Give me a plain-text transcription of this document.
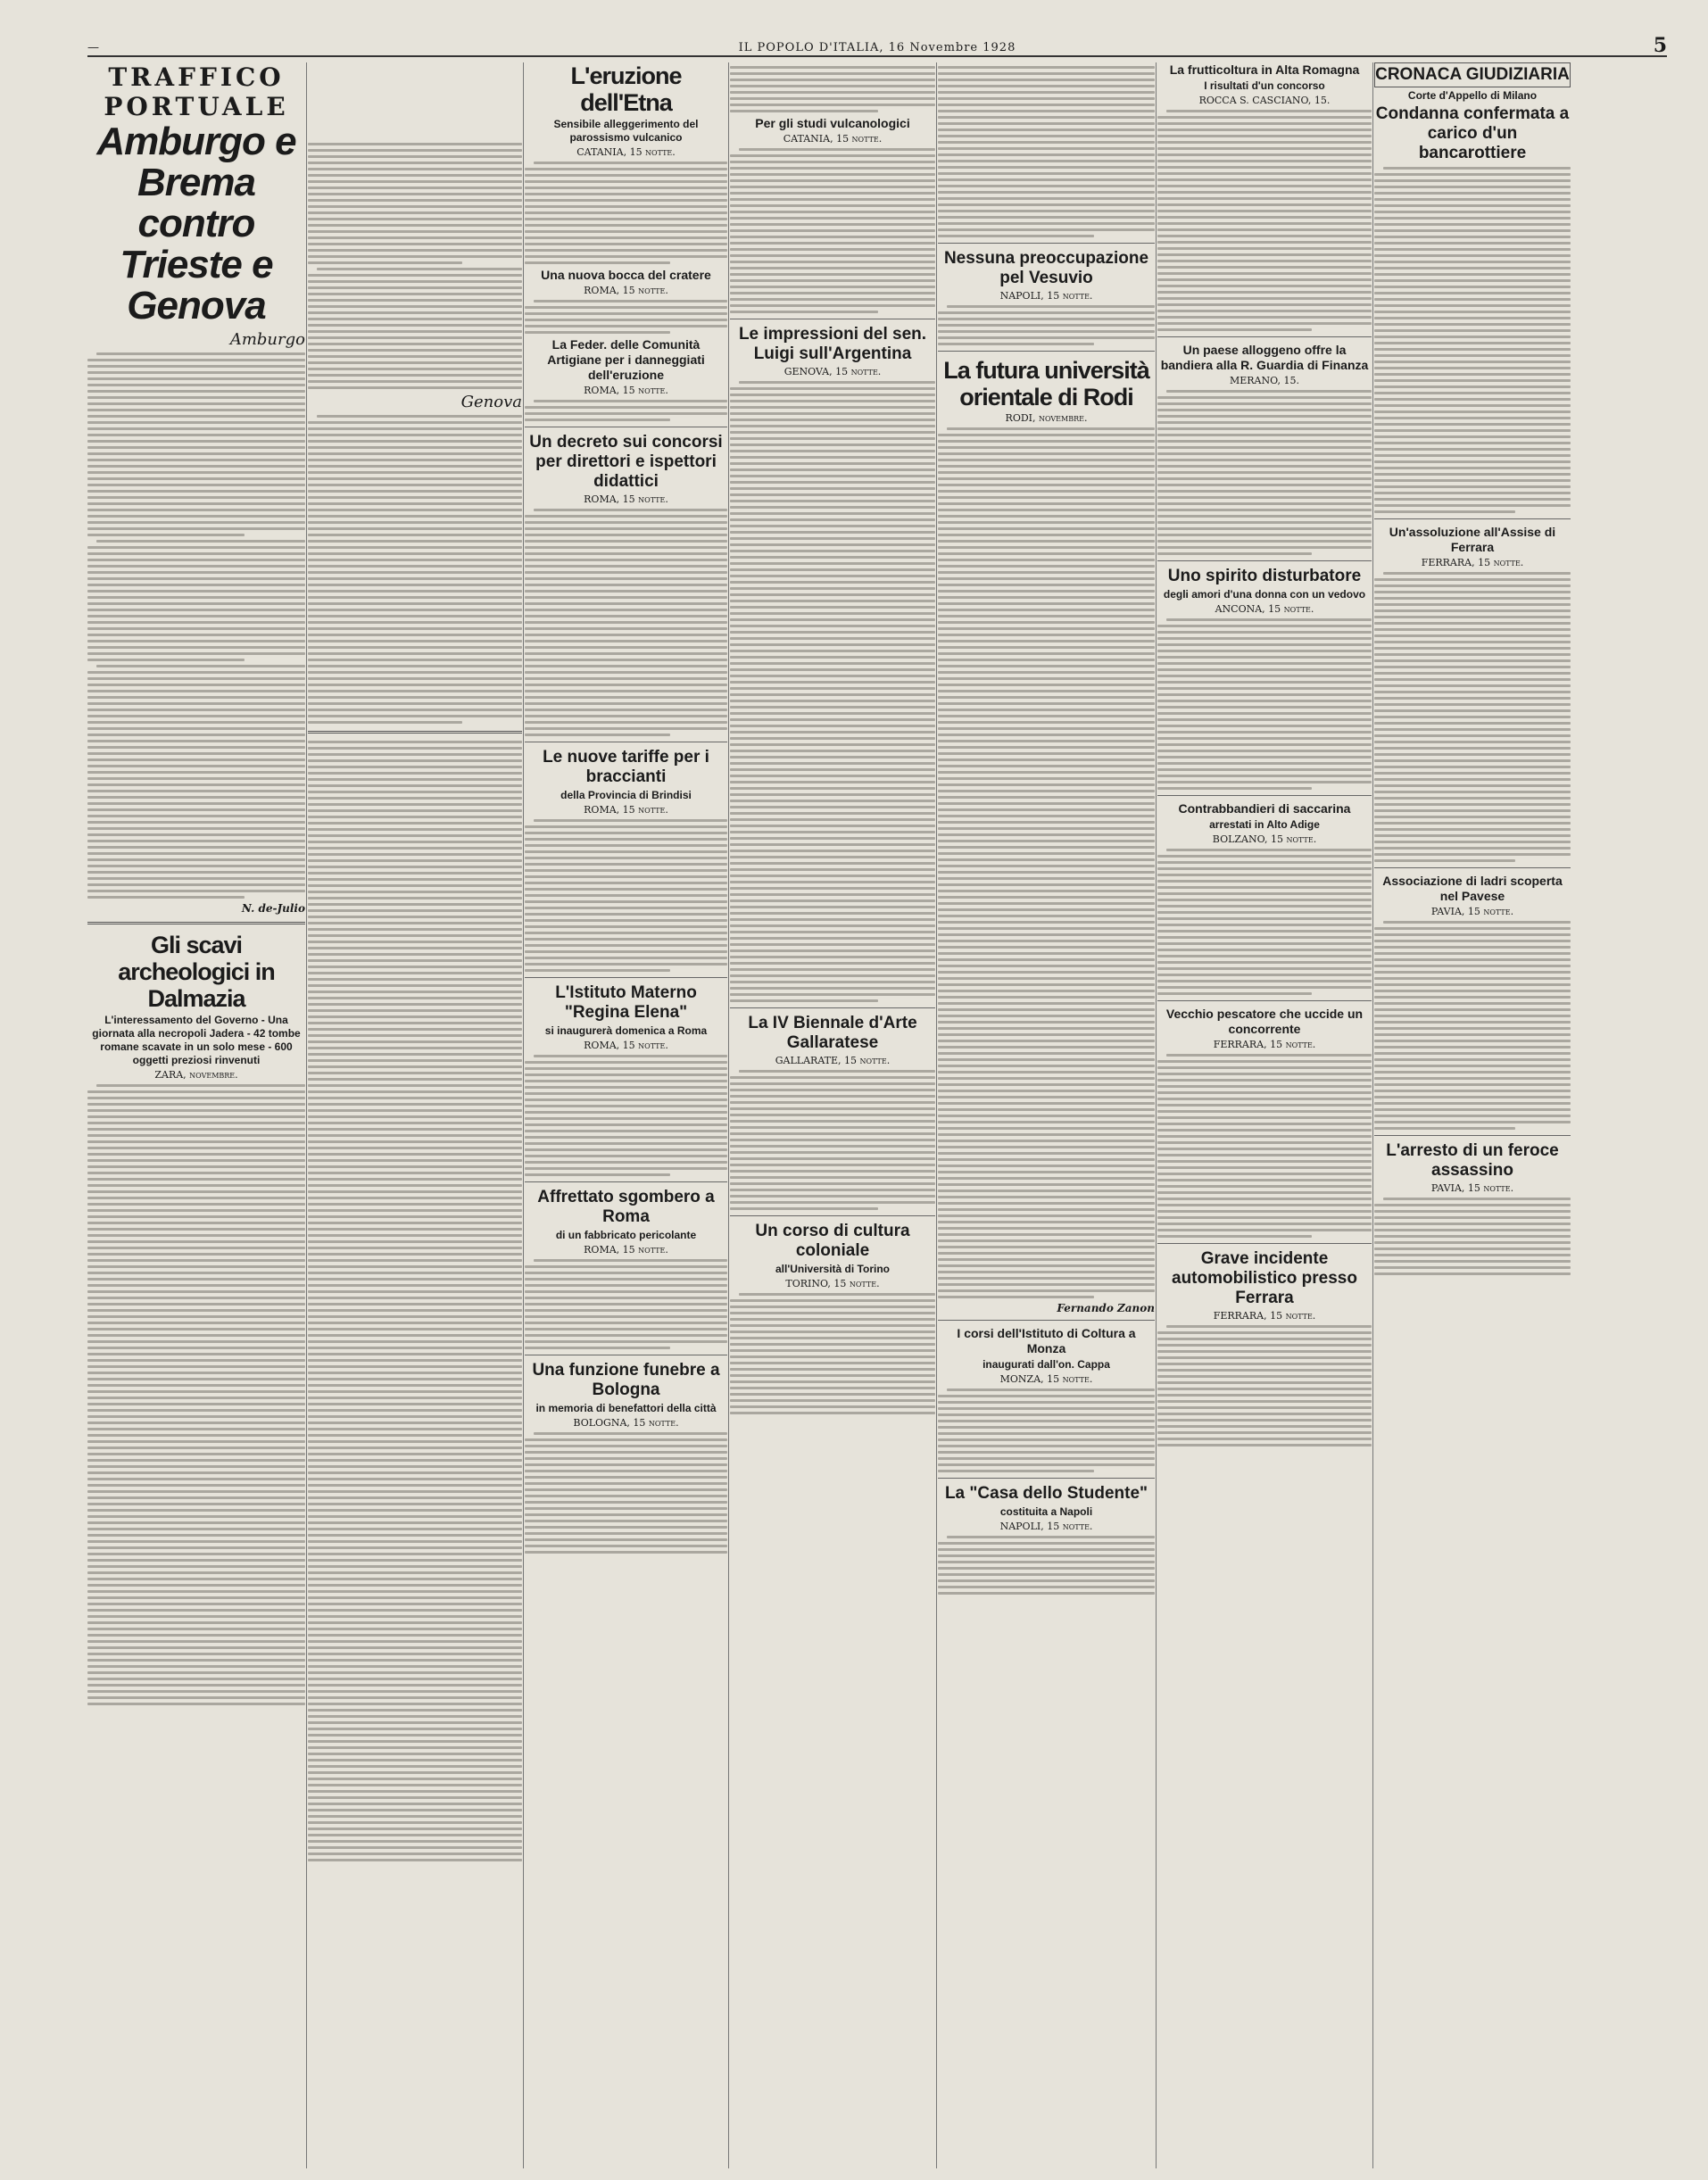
—	IL POPOLO D'ITALIA, 16 Novembre 1928	5
TRAFFICO PORTUALE
Amburgo e Brema contro Trieste e Genova
Amburgo
N. de-Julio
Gli scavi archeologici in Dalmazia
L'interessamento del Governo - Una giornata alla necropoli Jadera - 42 tombe romane scavate in un solo mese - 600 oggetti preziosi rinvenuti
ZARA, novembre.
Genova
L'eruzione dell'Etna
Sensibile alleggerimento del parossismo vulcanico
CATANIA, 15 notte.
Una nuova bocca del cratere
ROMA, 15 notte.
La Feder. delle Comunità Artigiane per i danneggiati dell'eruzione
ROMA, 15 notte.
Un decreto sui concorsi per direttori e ispettori didattici
ROMA, 15 notte.
Le nuove tariffe per i braccianti
della Provincia di Brindisi
ROMA, 15 notte.
L'Istituto Materno "Regina Elena"
si inaugurerà domenica a Roma
ROMA, 15 notte.
Affrettato sgombero a Roma
di un fabbricato pericolante
ROMA, 15 notte.
Una funzione funebre a Bologna
in memoria di benefattori della città
BOLOGNA, 15 notte.
Per gli studi vulcanologici
CATANIA, 15 notte.
Le impressioni del sen. Luigi sull'Argentina
GENOVA, 15 notte.
La IV Biennale d'Arte Gallaratese
GALLARATE, 15 notte.
Un corso di cultura coloniale
all'Università di Torino
TORINO, 15 notte.
Nessuna preoccupazione pel Vesuvio
NAPOLI, 15 notte.
La futura università orientale di Rodi
RODI, novembre.
Fernando Zanon
I corsi dell'Istituto di Coltura a Monza
inaugurati dall'on. Cappa
MONZA, 15 notte.
La "Casa dello Studente"
costituita a Napoli
NAPOLI, 15 notte.
La frutticoltura in Alta Romagna
I risultati d'un concorso
ROCCA S. CASCIANO, 15.
Un paese alloggeno offre la bandiera alla R. Guardia di Finanza
MERANO, 15.
Uno spirito disturbatore
degli amori d'una donna con un vedovo
ANCONA, 15 notte.
Contrabbandieri di saccarina
arrestati in Alto Adige
BOLZANO, 15 notte.
Vecchio pescatore che uccide un concorrente
FERRARA, 15 notte.
Grave incidente automobilistico presso Ferrara
FERRARA, 15 notte.
CRONACA GIUDIZIARIA
Corte d'Appello di Milano
Condanna confermata a carico d'un bancarottiere
Un'assoluzione all'Assise di Ferrara
FERRARA, 15 notte.
Associazione di ladri scoperta nel Pavese
PAVIA, 15 notte.
L'arresto di un feroce assassino
PAVIA, 15 notte.
